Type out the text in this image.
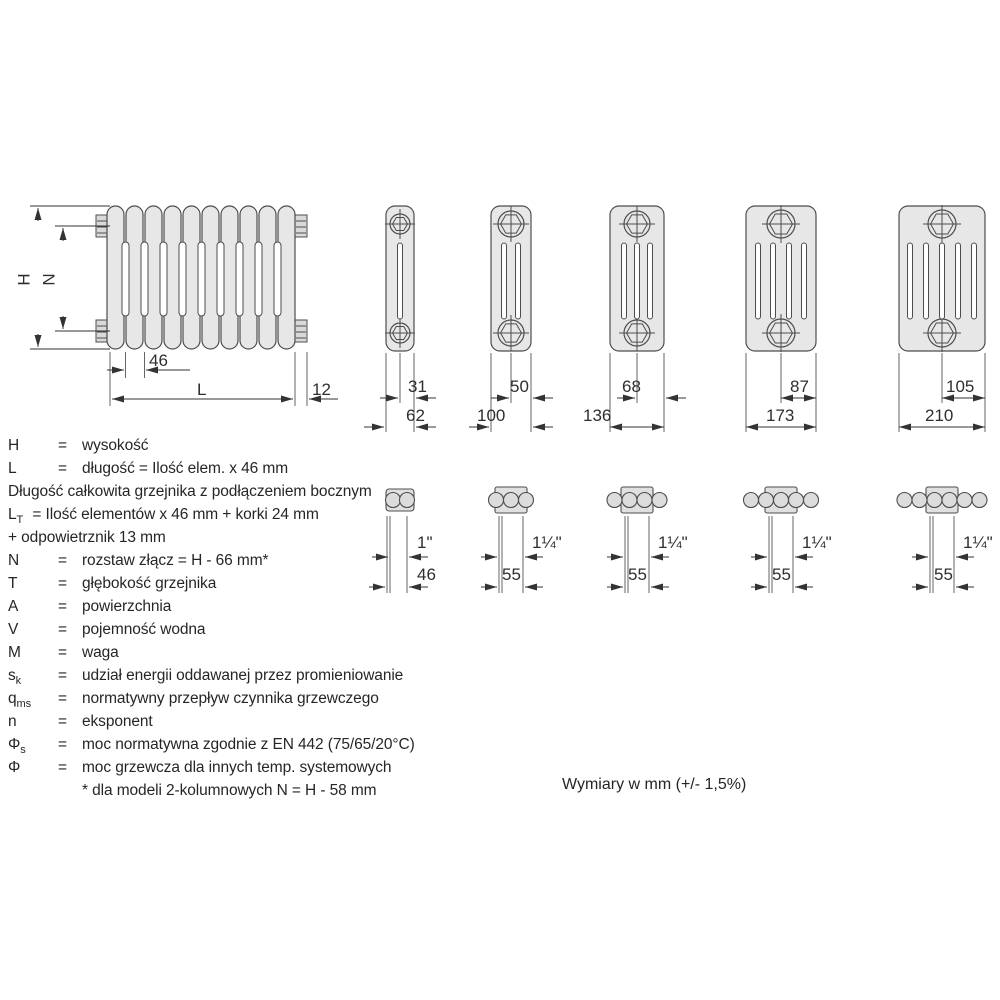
H N
46
L	12	31
62
50
100
68
136
87
173
105
210
1"
46
1¼"
55
1¼"
55
1¼"
55
1¼"
55
H	= wysokość
L	= długość = Ilość elem. x 46 mm
Długość całkowita grzejnika z podłączeniem bocznym
$L_T$ = Ilość elementów x 46 mm + korki 24 mm
+ odpowietrznik 13 mm
N	= rozstaw złącz = H - 66 mm*
T	= głębokość grzejnika
A	= powierzchnia
V	= pojemność wodna
M = waga
$s_k$ = udział energii oddawanej przez promieniowanie
$q_{ms}$ = normatywny przepływ czynnika grzewczego
n	= eksponent
$\Phi_s$ = moc normatywna zgodnie z EN 442 (75/65/20°C)
Φ = moc grzewcza dla innych temp. systemowych
* dla modeli 2-kolumnowych N = H - 58 mm	Wymiary w mm (+/- 1,5%)
